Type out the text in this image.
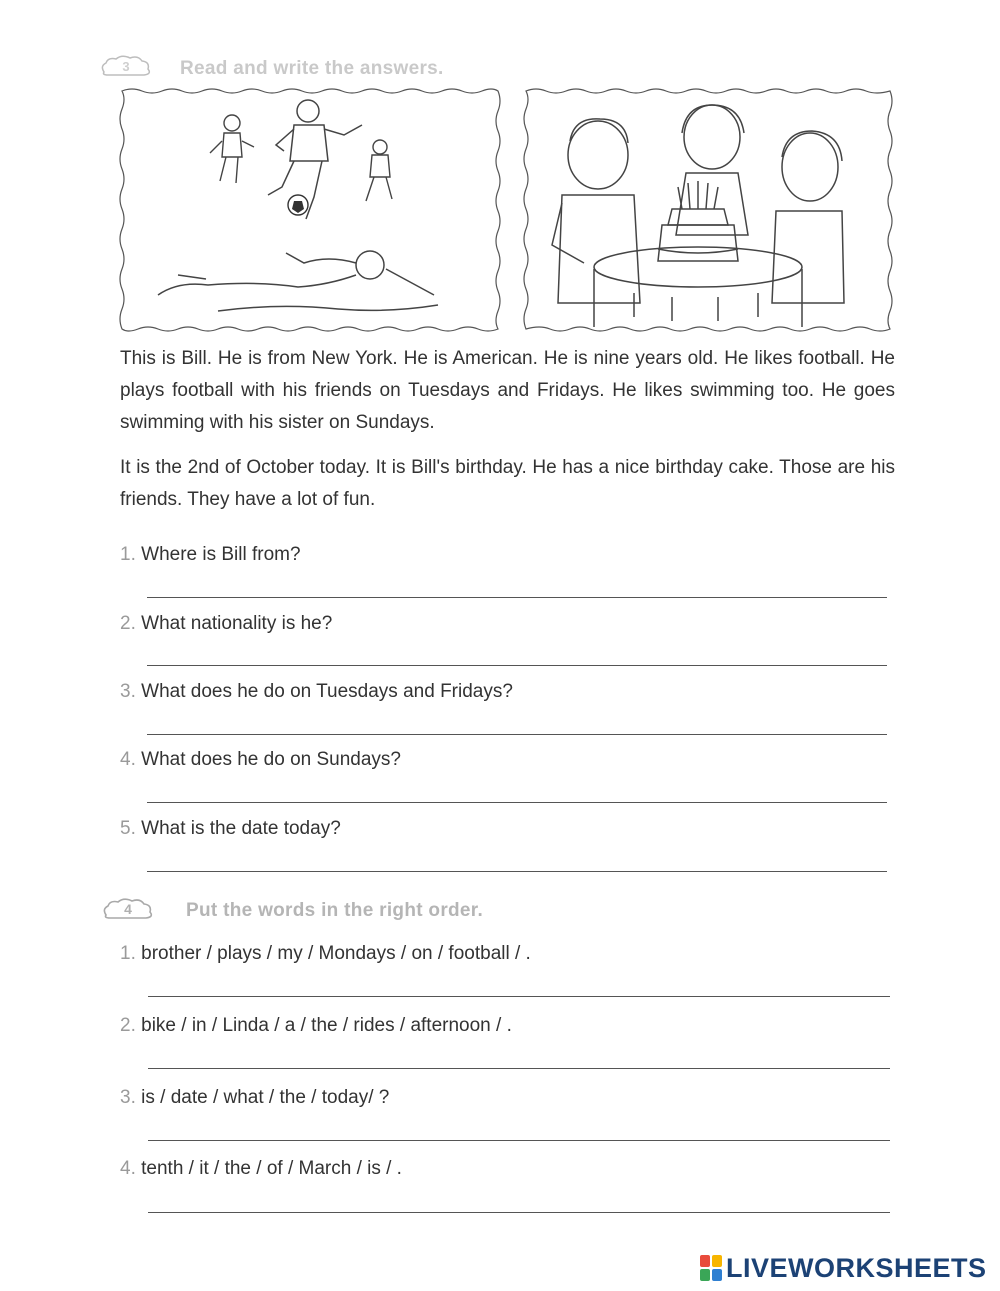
3	Read and write the answers.
This is Bill. He is from New York. He is American. He is nine years old. He likes football. He plays football with his friends on Tuesdays and Fridays. He likes swimming too. He goes swimming with his sister on Sundays.
It is the 2nd of October today. It is Bill's birthday. He has a nice birthday cake. Those are his friends. They have a lot of fun.
1. Where is Bill from?
2. What nationality is he?
3. What does he do on Tuesdays and Fridays?
4. What does he do on Sundays?
5. What is the date today?
4	Put the words in the right order.
1. brother / plays / my / Mondays / on / football / .
2. bike / in / Linda / a / the / rides / afternoon / .
3. is / date / what / the / today/ ?
4. tenth / it / the / of / March / is / .
LIVEWORKSHEETS
